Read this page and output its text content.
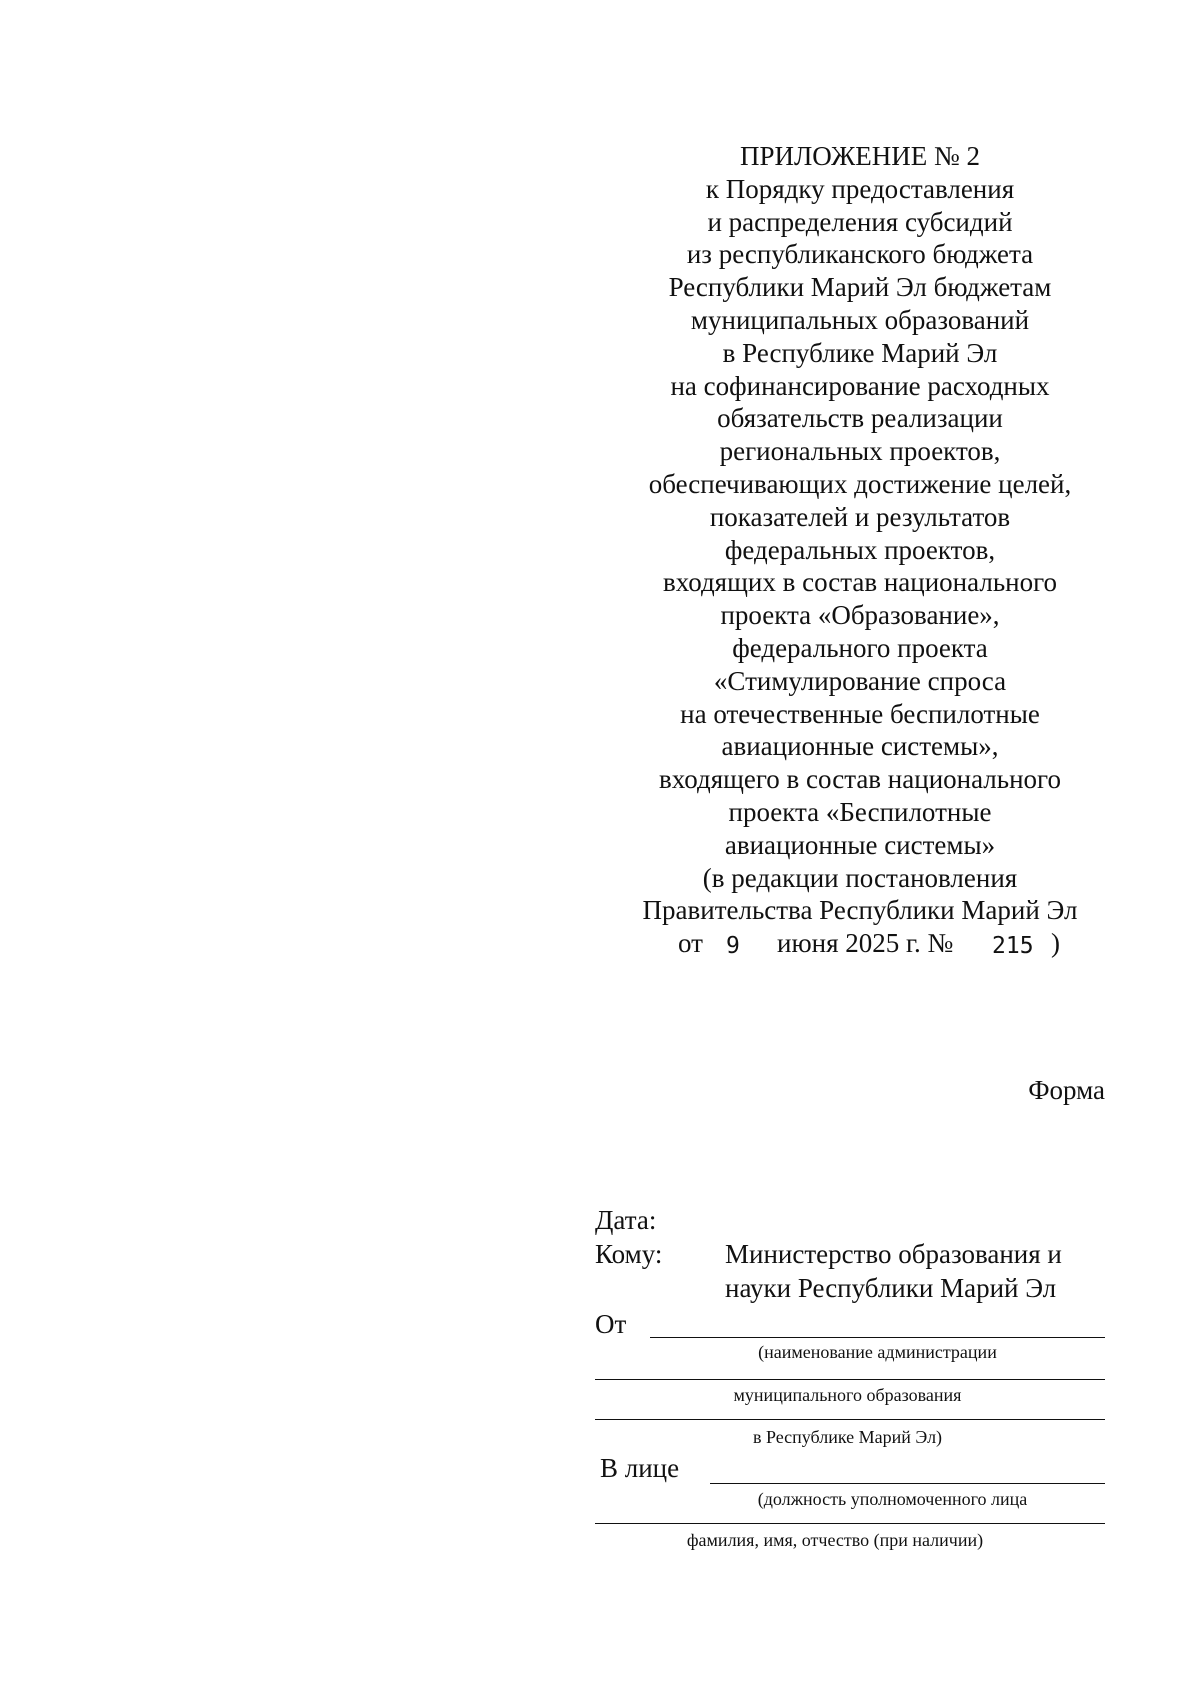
ПРИЛОЖЕНИЕ № 2
к Порядку предоставления
и распределения субсидий
из республиканского бюджета
Республики Марий Эл бюджетам
муниципальных образований
в Республике Марий Эл
на софинансирование расходных
обязательств реализации
региональных проектов,
обеспечивающих достижение целей,
показателей и результатов
федеральных проектов,
входящих в состав национального
проекта «Образование»,
федерального проекта
«Стимулирование спроса
на отечественные беспилотные
авиационные системы»,
входящего в состав национального
проекта «Беспилотные
авиационные системы»
(в редакции постановления
Правительства Республики Марий Эл
от 9 июня 2025 г. № 215 )
Форма
Дата:
Кому: Министерство образования и
науки Республики Марий Эл
От
(наименование администрации
муниципального образования
в Республике Марий Эл)
В лице
(должность уполномоченного лица
фамилия, имя, отчество (при наличии)
